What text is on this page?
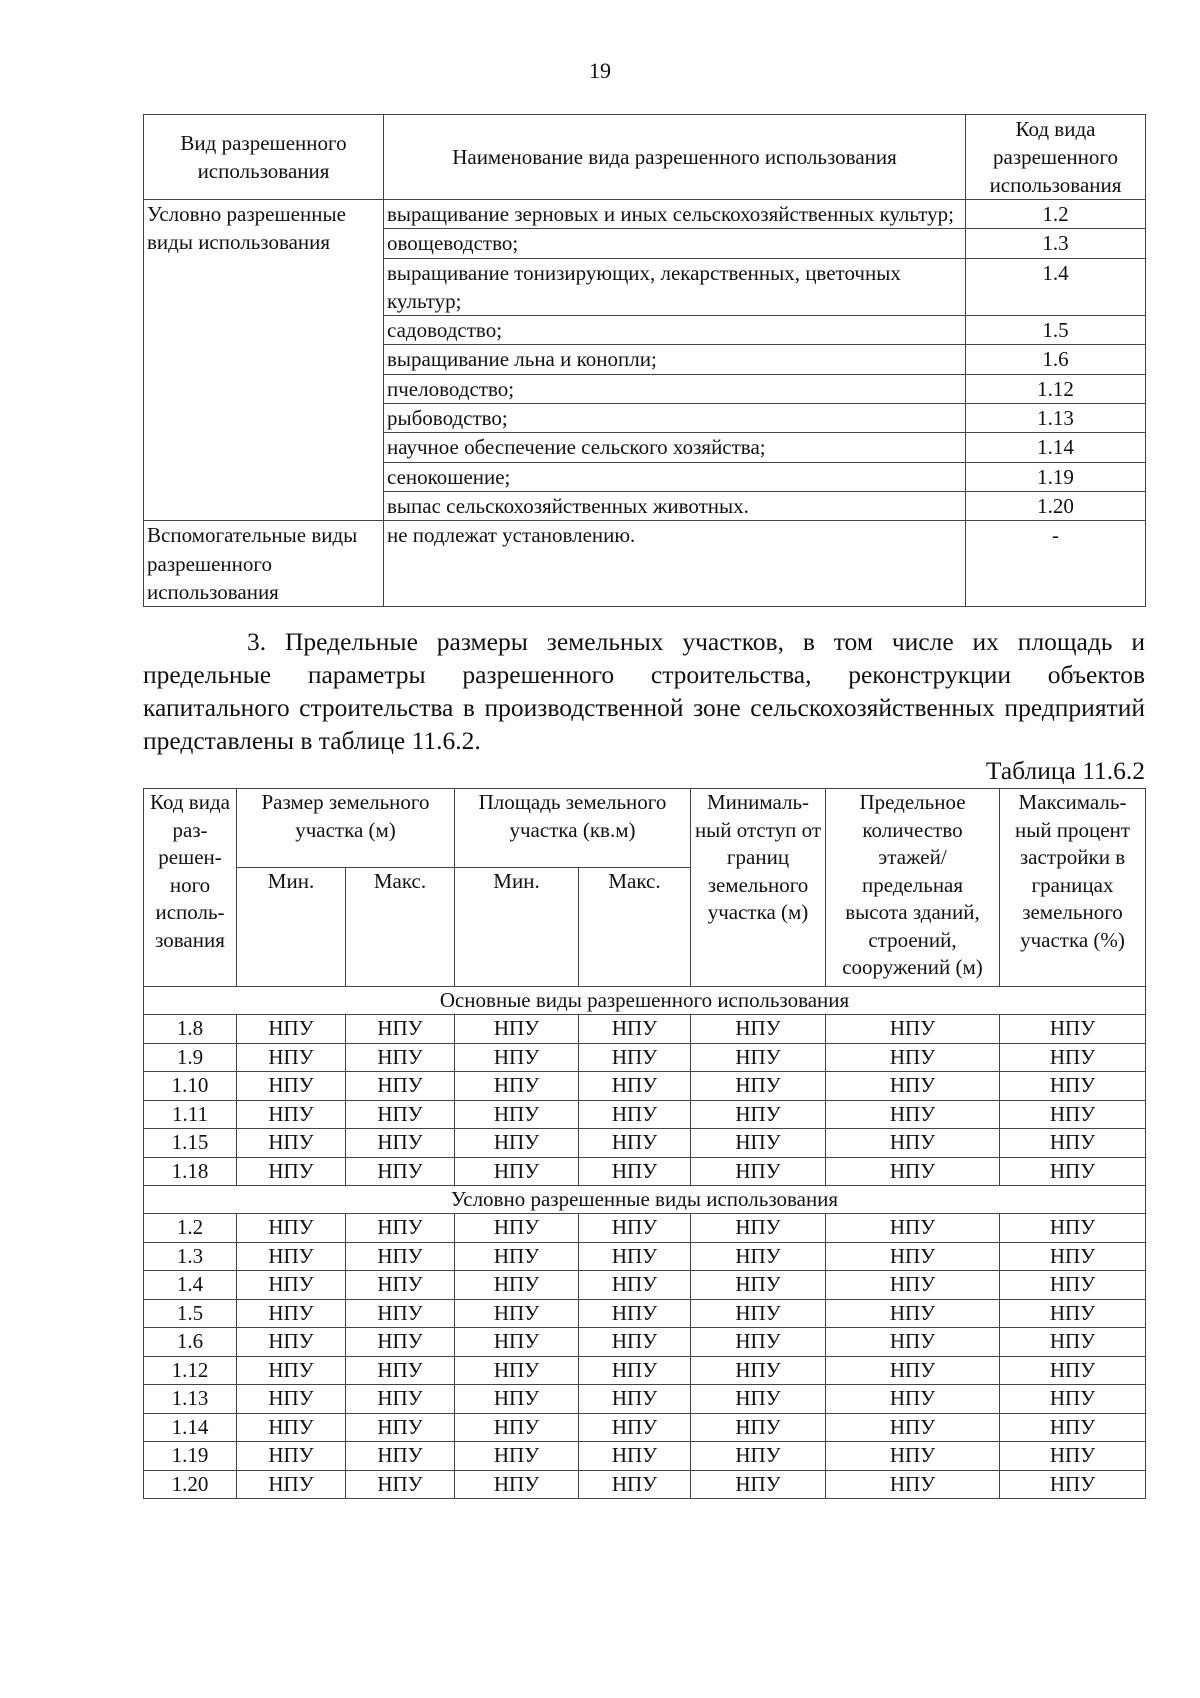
19
Вид разрешенного использования	Наименование вида разрешенного использования	Код вида разрешенного использования
Условно разрешенные виды использования	выращивание зерновых и иных сельскохозяйственных культур;	1.2
	овощеводство;	1.3
	выращивание тонизирующих, лекарственных, цветочных культур;	1.4
	садоводство;	1.5
	выращивание льна и конопли;	1.6
	пчеловодство;	1.12
	рыбоводство;	1.13
	научное обеспечение сельского хозяйства;	1.14
	сенокошение;	1.19
	выпас сельскохозяйственных животных.	1.20
Вспомогательные виды разрешенного использования	не подлежат установлению.	-
3. Предельные размеры земельных участков, в том числе их площадь и
предельные параметры разрешенного строительства, реконструкции объектов капитального строительства в производственной зоне сельскохозяйственных предприятий представлены в таблице 11.6.2.
Таблица 11.6.2
Код вида раз-решен-ного исполь-зования	Размер земельного участка (м)		Площадь земельного участка (кв.м)		Минималь-ный отступ от границ земельного участка (м)	Предельное количество этажей/ предельная высота зданий, строений, сооружений (м)	Максималь-ный процент застройки в границах земельного участка (%)
	Мин.	Макс.	Мин.	Макс.			
Основные виды разрешенного использования							
1.8	НПУ	НПУ	НПУ	НПУ	НПУ	НПУ	НПУ
1.9	НПУ	НПУ	НПУ	НПУ	НПУ	НПУ	НПУ
1.10	НПУ	НПУ	НПУ	НПУ	НПУ	НПУ	НПУ
1.11	НПУ	НПУ	НПУ	НПУ	НПУ	НПУ	НПУ
1.15	НПУ	НПУ	НПУ	НПУ	НПУ	НПУ	НПУ
1.18	НПУ	НПУ	НПУ	НПУ	НПУ	НПУ	НПУ
Условно разрешенные виды использования							
1.2	НПУ	НПУ	НПУ	НПУ	НПУ	НПУ	НПУ
1.3	НПУ	НПУ	НПУ	НПУ	НПУ	НПУ	НПУ
1.4	НПУ	НПУ	НПУ	НПУ	НПУ	НПУ	НПУ
1.5	НПУ	НПУ	НПУ	НПУ	НПУ	НПУ	НПУ
1.6	НПУ	НПУ	НПУ	НПУ	НПУ	НПУ	НПУ
1.12	НПУ	НПУ	НПУ	НПУ	НПУ	НПУ	НПУ
1.13	НПУ	НПУ	НПУ	НПУ	НПУ	НПУ	НПУ
1.14	НПУ	НПУ	НПУ	НПУ	НПУ	НПУ	НПУ
1.19	НПУ	НПУ	НПУ	НПУ	НПУ	НПУ	НПУ
1.20	НПУ	НПУ	НПУ	НПУ	НПУ	НПУ	НПУ
